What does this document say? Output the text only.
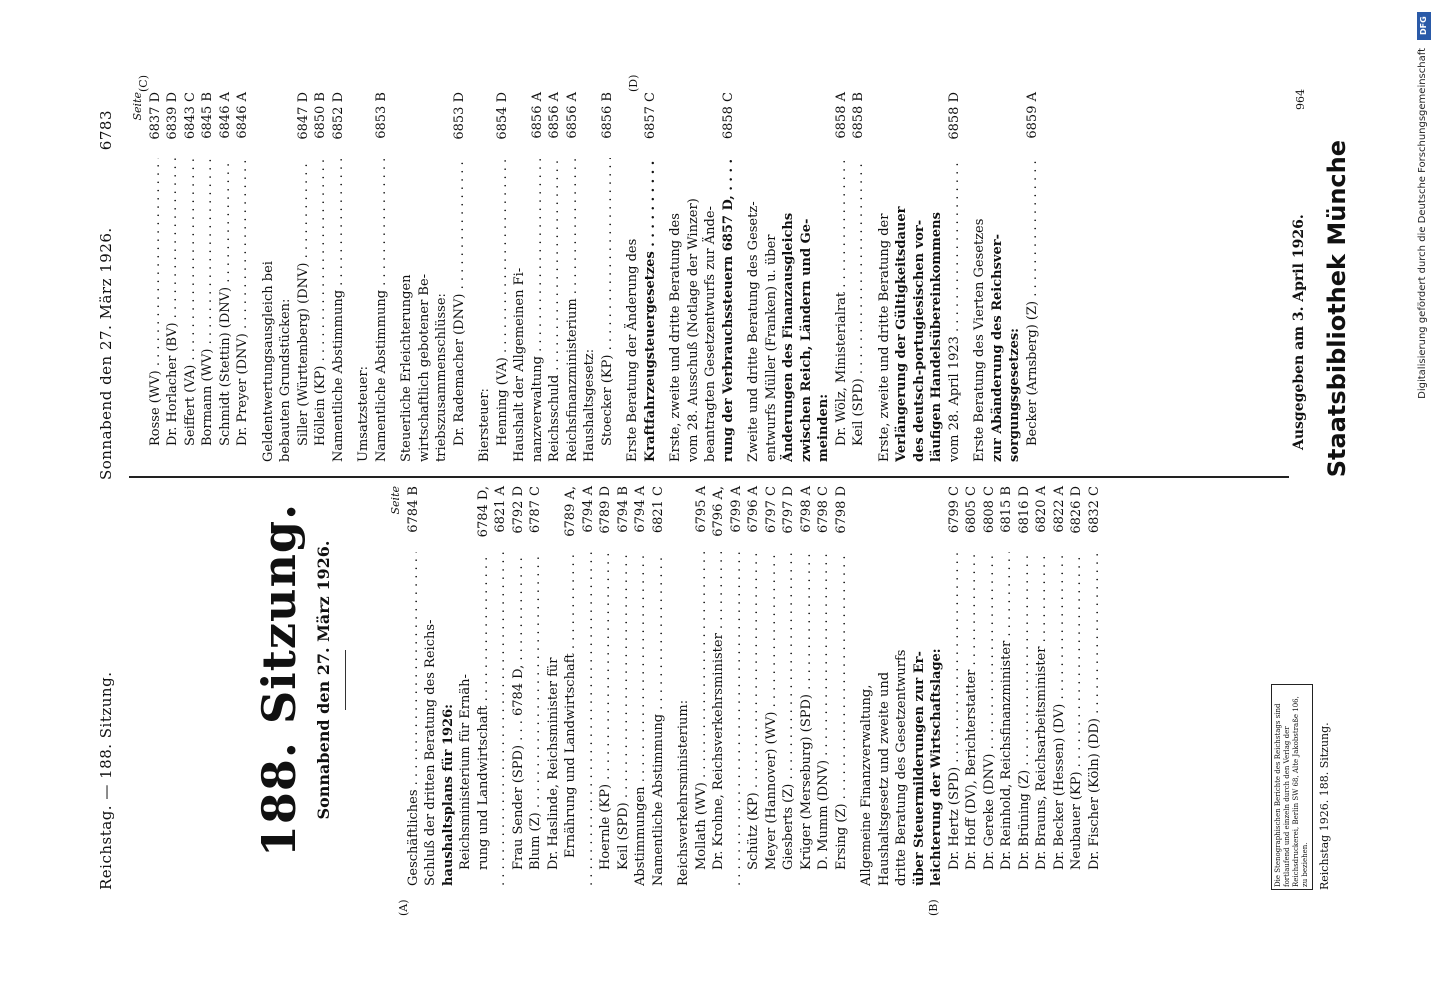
Reichstag. — 188. Sitzung.
Sonnabend den 27. März 1926.
6783
188. Sitzung. Sonnabend den 27. März 1926.
Seite
Geschäftliches . . .
6784 B
Schluß der dritten Beratung des Reichs- haushaltsplans für 1926: Reichsministerium für Ernäh- rung und Landwirtschaft . . .
6784 D,
. . . 6821 A
Frau Sender (SPD) . . . 6784 D, . . .
6792 D
Blum (Z) . . .
6787 C
Dr. Haslinde, Reichsminister für Ernährung und Landwirtschaft . . .
6789 A,
. . . 6794 A
Hoernle (KP) . . .
6789 D
Keil (SPD) . . .
6794 B
Abstimmungen . . .
6794 A
Namentliche Abstimmung . . .
6821 C
Reichsverkehrsministerium: Mollath (WV) . . .
6795 A
Dr. Krohne, Reichsverkehrsminister . . .
6796 A,
. . . 6799 A
Schütz (KP) . . .
6796 A
Meyer (Hannover) (WV) . . .
6797 C
Giesberts (Z) . . .
6797 D
Krüger (Merseburg) (SPD) . . .
6798 A
D. Mumm (DNV) . . .
6798 C
Ersing (Z) . . .
6798 D
Allgemeine Finanzverwaltung, Haushaltsgesetz und zweite und dritte Beratung des Gesetzentwurfs über Steuermilderungen zur Er- leichterung der Wirtschaftslage: Dr. Hertz (SPD) . . .
6799 C
Dr. Hoff (DV), Berichterstatter . . .
6805 C
Dr. Gereke (DNV) . . .
6808 C
Dr. Reinhold, Reichsfinanzminister . . .
6815 B
Dr. Brüning (Z) . . .
6816 D
Dr. Brauns, Reichsarbeitsminister . . .
6820 A
Dr. Becker (Hessen) (DV) . . .
6822 A
Neubauer (KP) . . .
6826 D
Dr. Fischer (Köln) (DD) . . .
6832 C
Seite
Rosse (WV) . . .
6837 D
Dr. Horlacher (BV) . . .
6839 D
Seiffert (VA) . . .
6843 C
Bormann (WV) . . .
6845 B
Schmidt (Stettin) (DNV) . . .
6846 A
Dr. Preyer (DNV) . . .
6846 A
Geldentwertungsausgleich bei bebauten Grundstücken: Siller (Württemberg) (DNV) . . .
6847 D
Höllein (KP) . . .
6850 B
Namentliche Abstimmung . . .
6852 D
Umsatzsteuer: Namentliche Abstimmung . . .
6853 B
Steuerliche Erleichterungen wirtschaftlich gebotener Be- triebszusammenschlüsse: Dr. Rademacher (DNV) . . .
6853 D
Biersteuer: Henning (VA) . . .
6854 D
Haushalt der Allgemeinen Fi- nanzverwaltung . . .
6856 A
Reichsschuld . . .
6856 A
Reichsfinanzministerium . . .
6856 A
Haushaltsgesetz: Stoecker (KP) . . .
6856 B
Erste Beratung der Änderung des Kraftfahrzeugsteuergesetzes . . .
6857 C
Erste, zweite und dritte Beratung des vom 28. Ausschuß (Notlage der Winzer) beantragten Gesetzentwurfs zur Ände- rung der Verbrauchssteuern 6857 D, . . .
6858 C
Zweite und dritte Beratung des Gesetz- entwurfs Müller (Franken) u. über Änderungen des Finanzausgleichs zwischen Reich, Ländern und Ge- meinden: Dr. Wölz, Ministerialrat . . .
6858 A
Keil (SPD) . . .
6858 B
Erste, zweite und dritte Beratung der Verlängerung der Gültigkeitsdauer des deutsch-portugiesischen vor- läufigen Handelsübereinkommens vom 28. April 1923 . . .
6858 D
Erste Beratung des Vierten Gesetzes zur Abänderung des Reichsver- sorgungsgesetzes: Becker (Arnsberg) (Z) . . .
6859 A
(A)	(B)
(C)	(D)
Die Stenographischen Berichte des Reichstags sind fortlaufend und einzeln durch den Verlag der Reichsdruckerei, Berlin SW 68, Alte Jakobstraße 106, zu beziehen. Reichstag 1926. 188. Sitzung.
Ausgegeben am 3. April 1926.
964
Staatsbibliothek Münche
DFG
Digitalisierung gefördert durch die Deutsche Forschungsgemeinschaft
